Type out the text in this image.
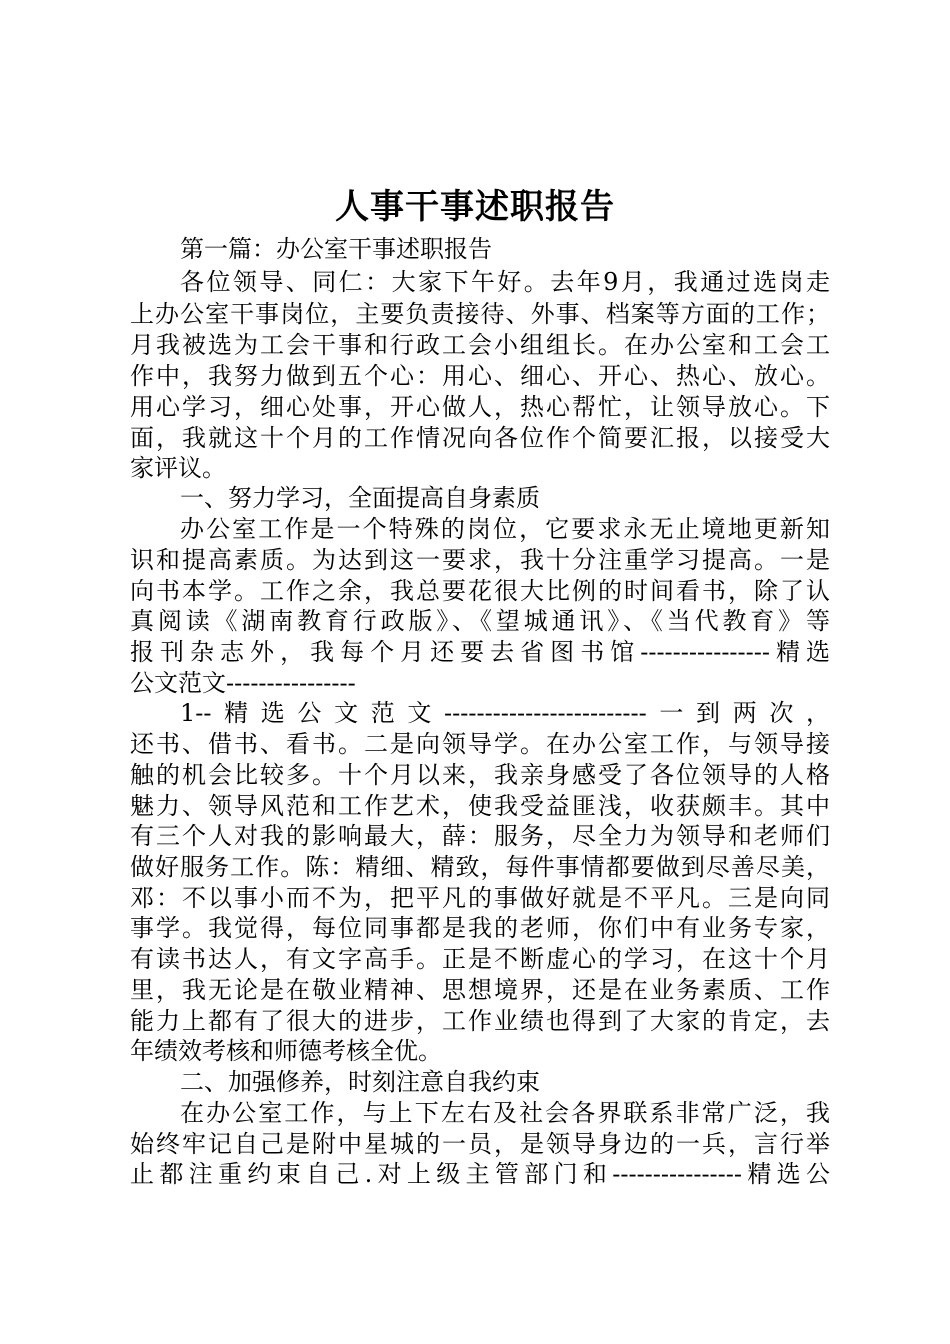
人事干事述职报告
第一篇：办公室干事述职报告
各位领导、同仁：大家下午好。去年9月，我通过选岗走
上办公室干事岗位，主要负责接待、外事、档案等方面的工作；
月我被选为工会干事和行政工会小组组长。在办公室和工会工
作中，我努力做到五个心：用心、细心、开心、热心、放心。
用心学习，细心处事，开心做人，热心帮忙，让领导放心。下
面，我就这十个月的工作情况向各位作个简要汇报，以接受大
家评议。
一、努力学习，全面提高自身素质
办公室工作是一个特殊的岗位，它要求永无止境地更新知
识和提高素质。为达到这一要求，我十分注重学习提高。一是
向书本学。工作之余，我总要花很大比例的时间看书，除了认
真阅读《湖南教育行政版》、《望城通讯》、《当代教育》等
报刊杂志外，我每个月还要去省图书馆----------------精选
公文范文----------------
1--精选公文范文-------------------------一到两次，
还书、借书、看书。二是向领导学。在办公室工作，与领导接
触的机会比较多。十个月以来，我亲身感受了各位领导的人格
魅力、领导风范和工作艺术，使我受益匪浅，收获颇丰。其中
有三个人对我的影响最大，薛：服务，尽全力为领导和老师们
做好服务工作。陈：精细、精致，每件事情都要做到尽善尽美，
邓：不以事小而不为，把平凡的事做好就是不平凡。三是向同
事学。我觉得，每位同事都是我的老师，你们中有业务专家，
有读书达人，有文字高手。正是不断虚心的学习，在这十个月
里，我无论是在敬业精神、思想境界，还是在业务素质、工作
能力上都有了很大的进步，工作业绩也得到了大家的肯定，去
年绩效考核和师德考核全优。
二、加强修养，时刻注意自我约束
在办公室工作，与上下左右及社会各界联系非常广泛，我
始终牢记自己是附中星城的一员，是领导身边的一兵，言行举
止都注重约束自己.对上级主管部门和----------------精选公
